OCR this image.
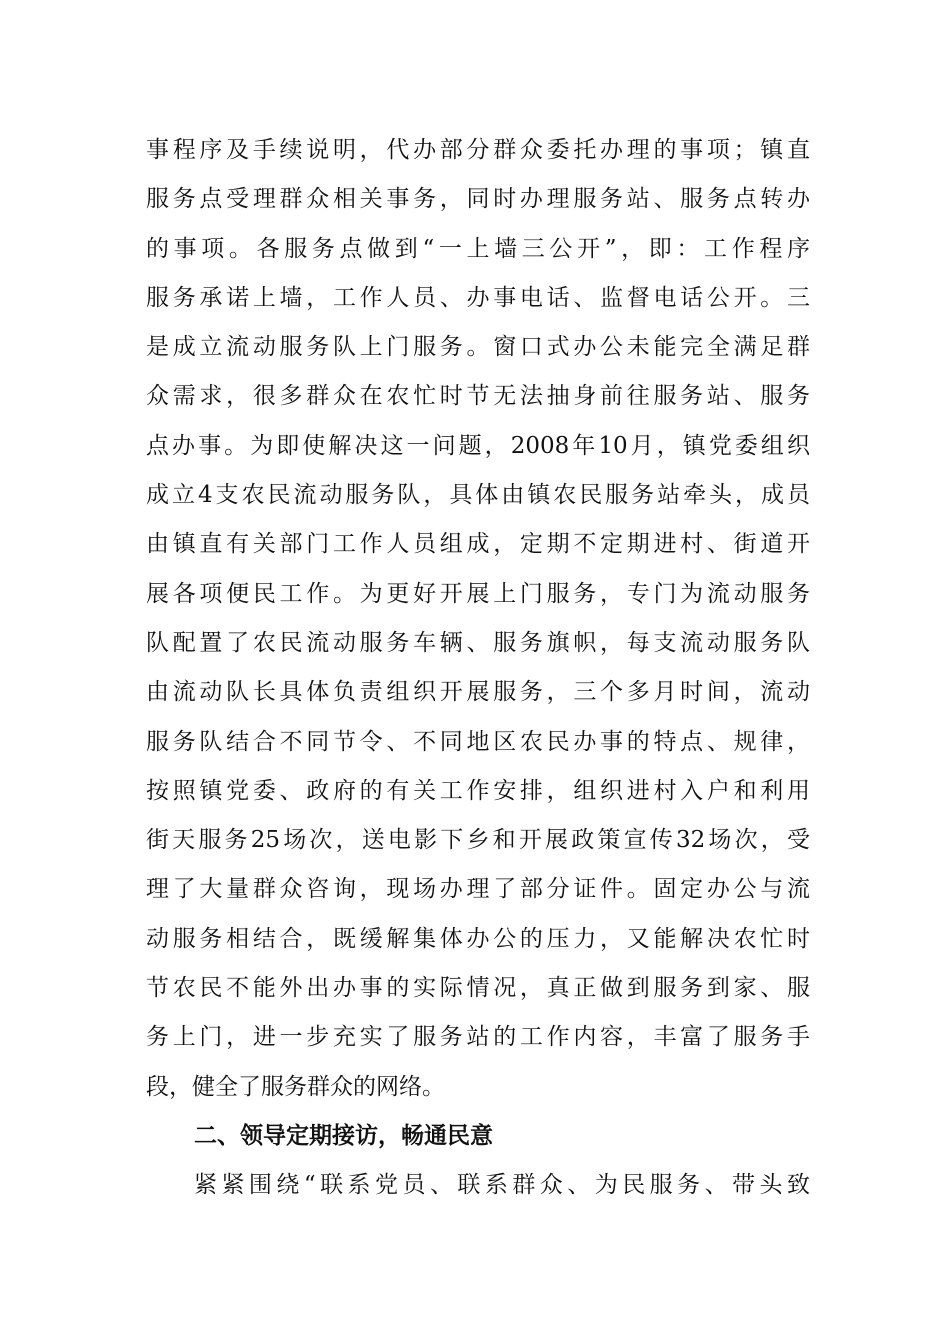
事程序及手续说明，代办部分群众委托办理的事项；镇直
服务点受理群众相关事务，同时办理服务站、服务点转办
的事项。各服务点做到“一上墙三公开”，即：工作程序
服务承诺上墙，工作人员、办事电话、监督电话公开。三
是成立流动服务队上门服务。窗口式办公未能完全满足群
众需求，很多群众在农忙时节无法抽身前往服务站、服务
点办事。为即使解决这一问题，2008年10月，镇党委组织
成立4支农民流动服务队，具体由镇农民服务站牵头，成员
由镇直有关部门工作人员组成，定期不定期进村、街道开
展各项便民工作。为更好开展上门服务，专门为流动服务
队配置了农民流动服务车辆、服务旗帜，每支流动服务队
由流动队长具体负责组织开展服务，三个多月时间，流动
服务队结合不同节令、不同地区农民办事的特点、规律，
按照镇党委、政府的有关工作安排，组织进村入户和利用
街天服务25场次，送电影下乡和开展政策宣传32场次，受
理了大量群众咨询，现场办理了部分证件。固定办公与流
动服务相结合，既缓解集体办公的压力，又能解决农忙时
节农民不能外出办事的实际情况，真正做到服务到家、服
务上门，进一步充实了服务站的工作内容，丰富了服务手
段，健全了服务群众的网络。
二、领导定期接访，畅通民意
紧紧围绕“联系党员、联系群众、为民服务、带头致
